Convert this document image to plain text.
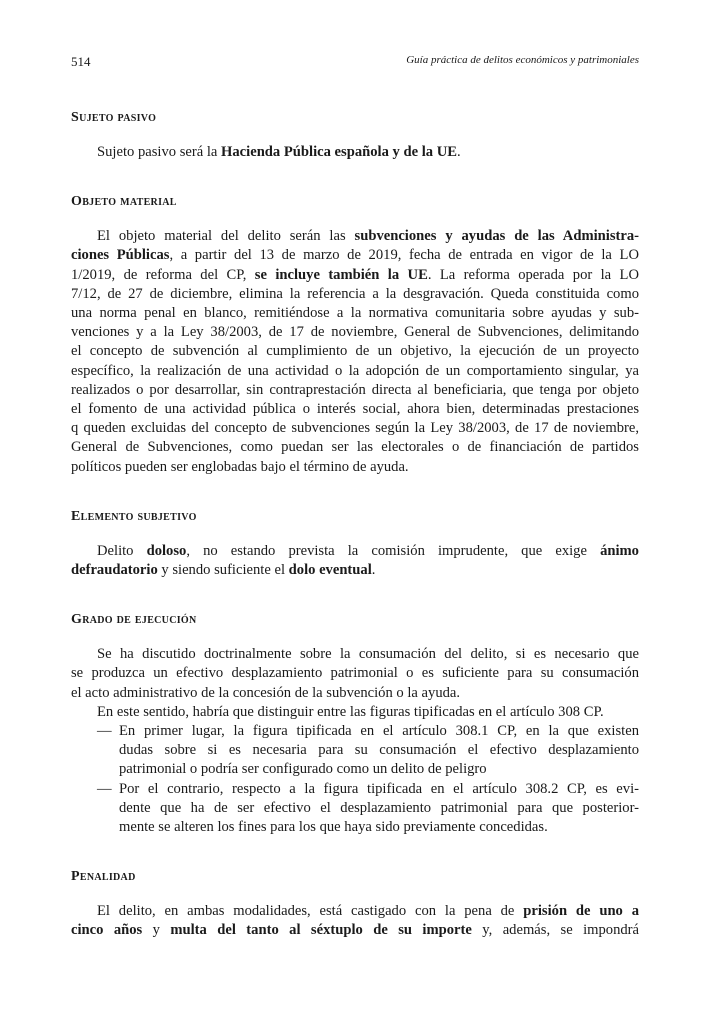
514	Guía práctica de delitos económicos y patrimoniales
Sujeto pasivo

Sujeto pasivo será la Hacienda Pública española y de la UE.

Objeto material
El objeto material del delito serán las subvenciones y ayudas de las Administra-
ciones Públicas, a partir del 13 de marzo de 2019, fecha de entrada en vigor de la LO
1/2019, de reforma del CP, se incluye también la UE. La reforma operada por la LO
7/12, de 27 de diciembre, elimina la referencia a la desgravación. Queda constituida como
una norma penal en blanco, remitiéndose a la normativa comunitaria sobre ayudas y sub-
venciones y a la Ley 38/2003, de 17 de noviembre, General de Subvenciones, delimitando
el concepto de subvención al cumplimiento de un objetivo, la ejecución de un proyecto
específico, la realización de una actividad o la adopción de un comportamiento singular, ya
realizados o por desarrollar, sin contraprestación directa al beneficiaria, que tenga por objeto
el fomento de una actividad pública o interés social, ahora bien, determinadas prestaciones
q queden excluidas del concepto de subvenciones según la Ley 38/2003, de 17 de noviembre,
General de Subvenciones, como puedan ser las electorales o de financiación de partidos
políticos pueden ser englobadas bajo el término de ayuda.
Elemento subjetivo
Delito doloso, no estando prevista la comisión imprudente, que exige ánimo
defraudatorio y siendo suficiente el dolo eventual.
Grado de ejecución
Se ha discutido doctrinalmente sobre la consumación del delito, si es necesario que
se produzca un efectivo desplazamiento patrimonial o es suficiente para su consumación
el acto administrativo de la concesión de la subvención o la ayuda.
En este sentido, habría que distinguir entre las figuras tipificadas en el artículo 308 CP.
— En primer lugar, la figura tipificada en el artículo 308.1 CP, en la que existen
dudas sobre si es necesaria para su consumación el efectivo desplazamiento
patrimonial o podría ser configurado como un delito de peligro
— Por el contrario, respecto a la figura tipificada en el artículo 308.2 CP, es evi-
dente que ha de ser efectivo el desplazamiento patrimonial para que posterior-
mente se alteren los fines para los que haya sido previamente concedidas.
Penalidad
El delito, en ambas modalidades, está castigado con la pena de prisión de uno a
cinco años y multa del tanto al séxtuplo de su importe y, además, se impondrá
